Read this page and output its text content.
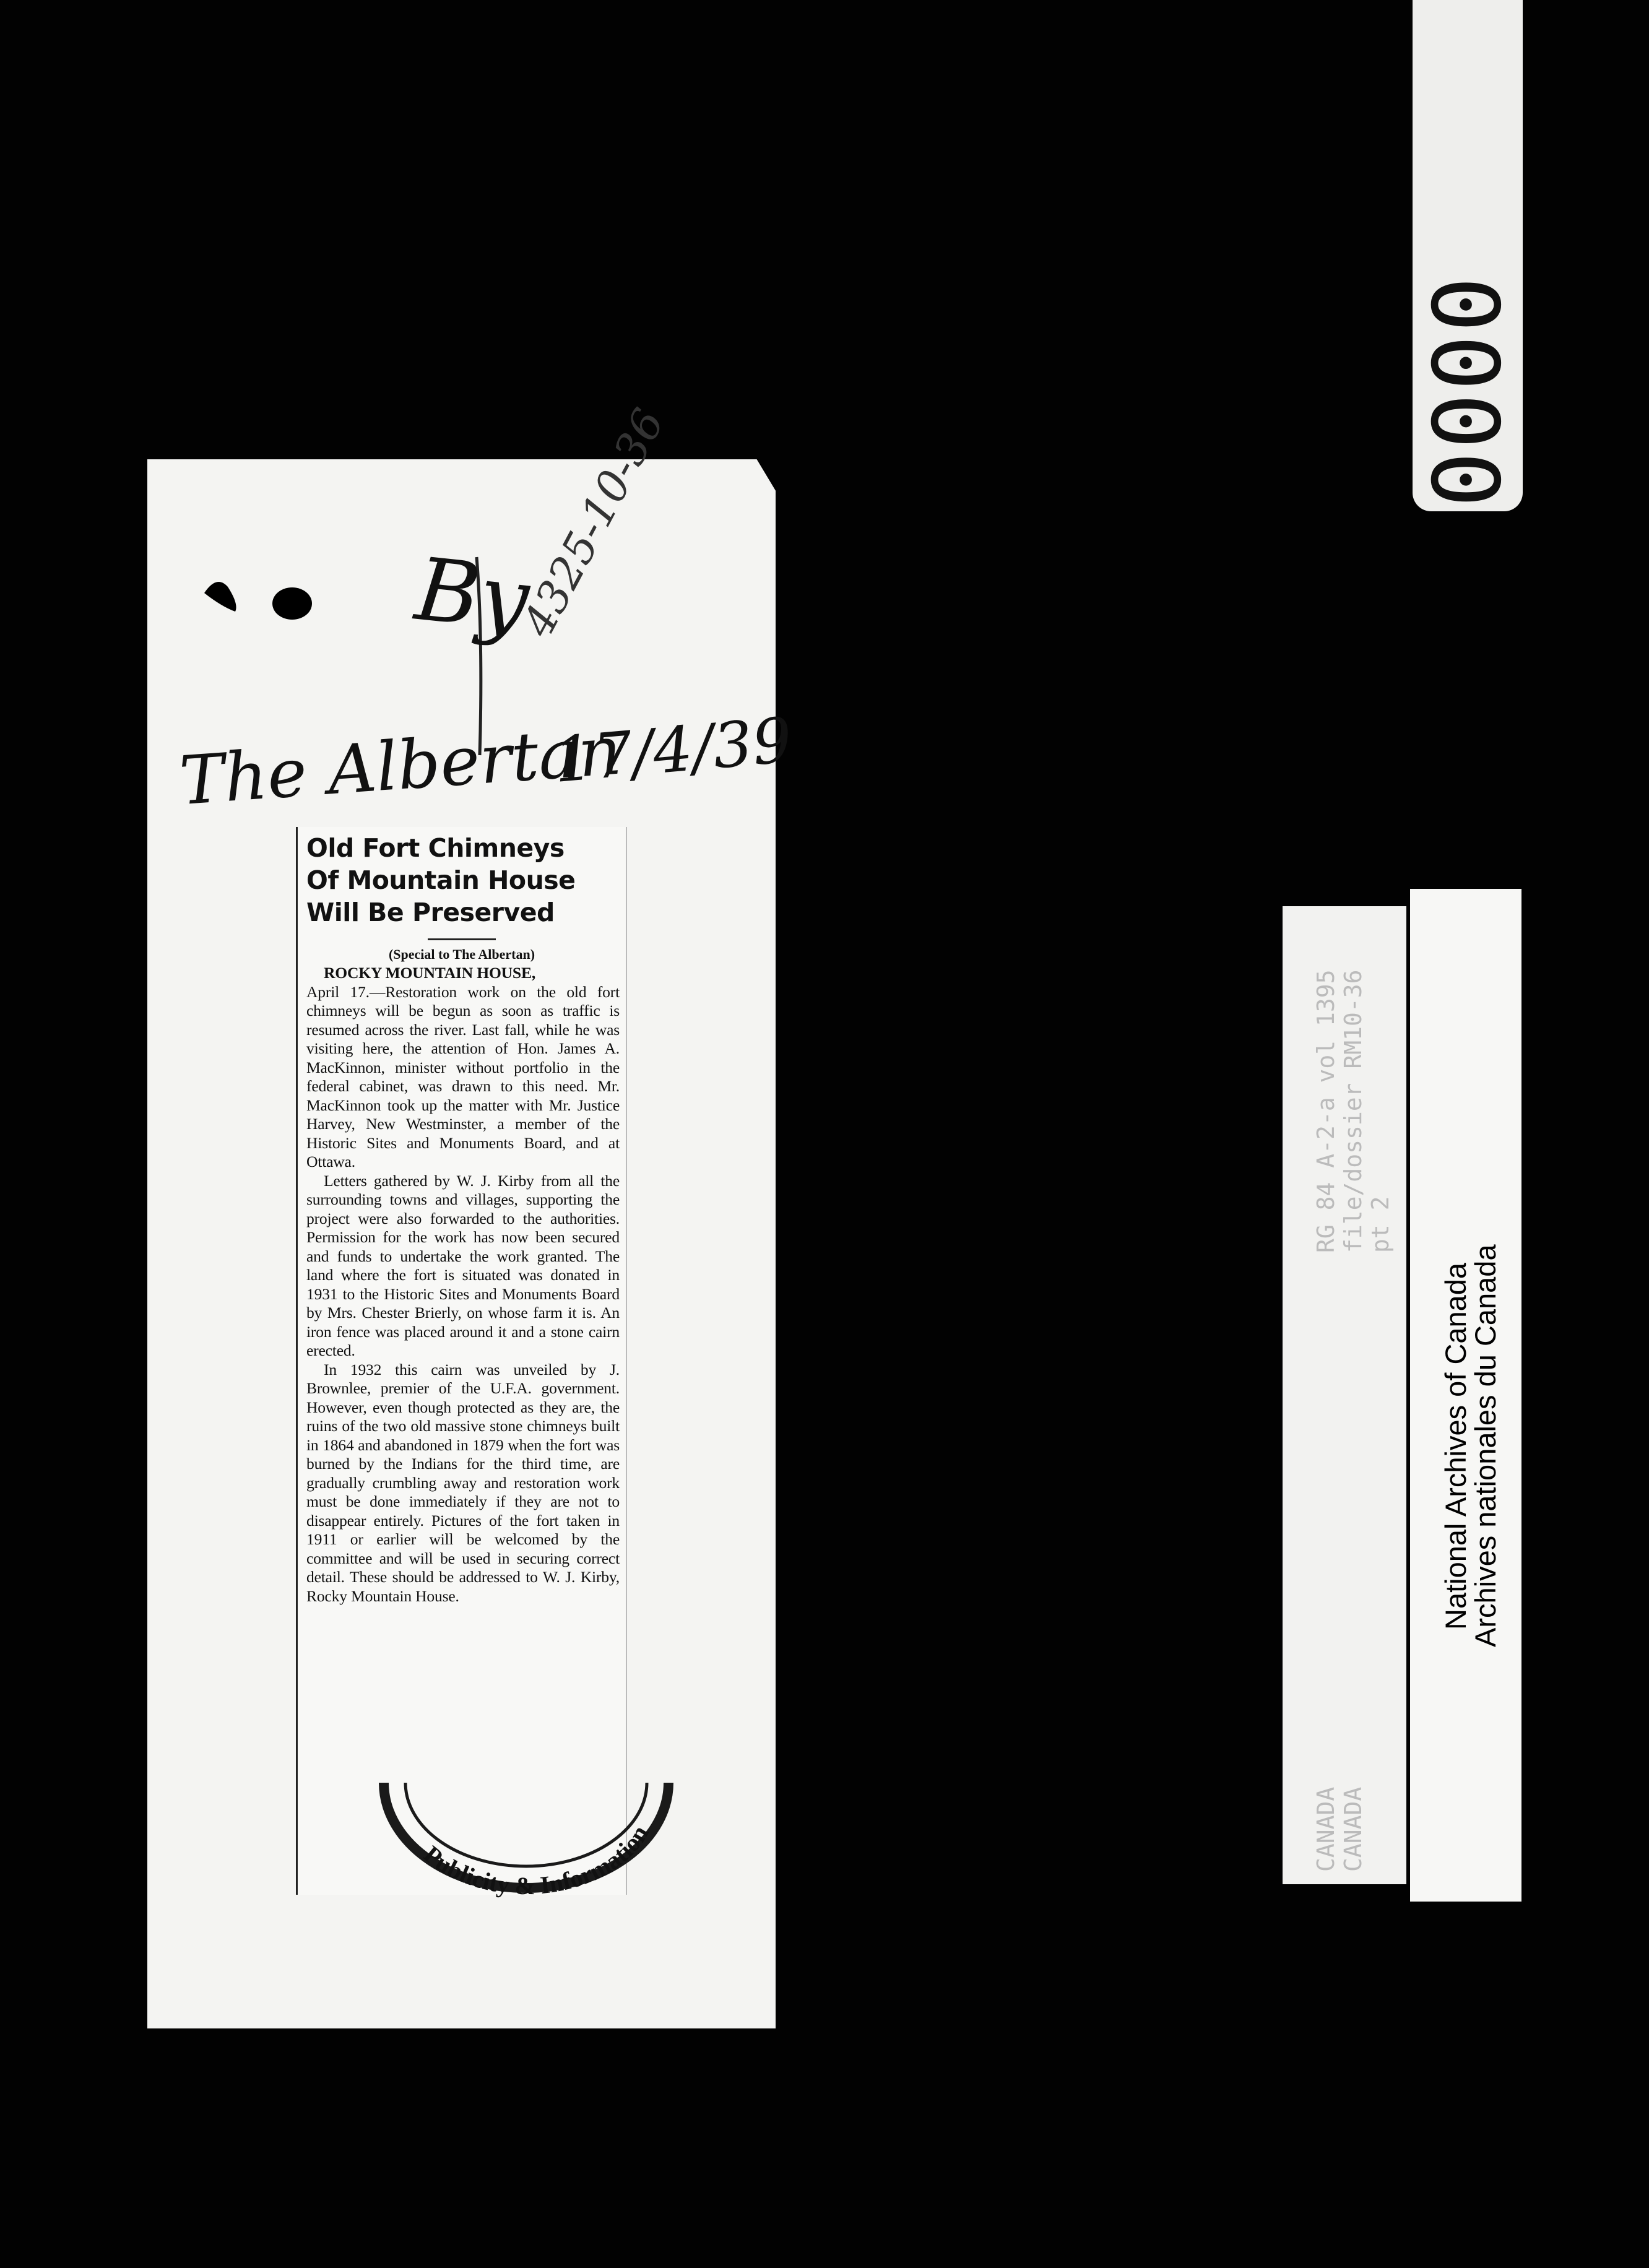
By
4325-10-36
The Albertan
17/4/39
Old Fort Chimneys
Of Mountain House
Will Be Preserved
(Special to The Albertan)

ROCKY MOUNTAIN HOUSE,

April 17.—Restoration work on the old fort chimneys will be begun as soon as traffic is resumed across the river. Last fall, while he was visiting here, the attention of Hon. James A. MacKinnon, minister without portfolio in the federal cabinet, was drawn to this need. Mr. MacKinnon took up the matter with Mr. Justice Harvey, New Westminster, a member of the Historic Sites and Monuments Board, and at Ottawa.

Letters gathered by W. J. Kirby from all the surrounding towns and villages, supporting the project were also forwarded to the authorities. Permission for the work has now been secured and funds to undertake the work granted. The land where the fort is situated was donated in 1931 to the Historic Sites and Monuments Board by Mrs. Chester Brierly, on whose farm it is. An iron fence was placed around it and a stone cairn erected.

In 1932 this cairn was unveiled by J. Brownlee, premier of the U.F.A. government. However, even though protected as they are, the ruins of the two old massive stone chimneys built in 1864 and abandoned in 1879 when the fort was burned by the Indians for the third time, are gradually crumbling away and restoration work must be done immediately if they are not to disappear entirely. Pictures of the fort taken in 1911 or earlier will be welcomed by the committee and will be used in securing correct detail. These should be addressed to W. J. Kirby, Rocky Mountain House.

Publicity & Information
RG 84 A-2-a vol 1395
file/dossier RM10-36
pt 2
CANADA
CANADA
National Archives of Canada
Archives nationales du Canada
0000
